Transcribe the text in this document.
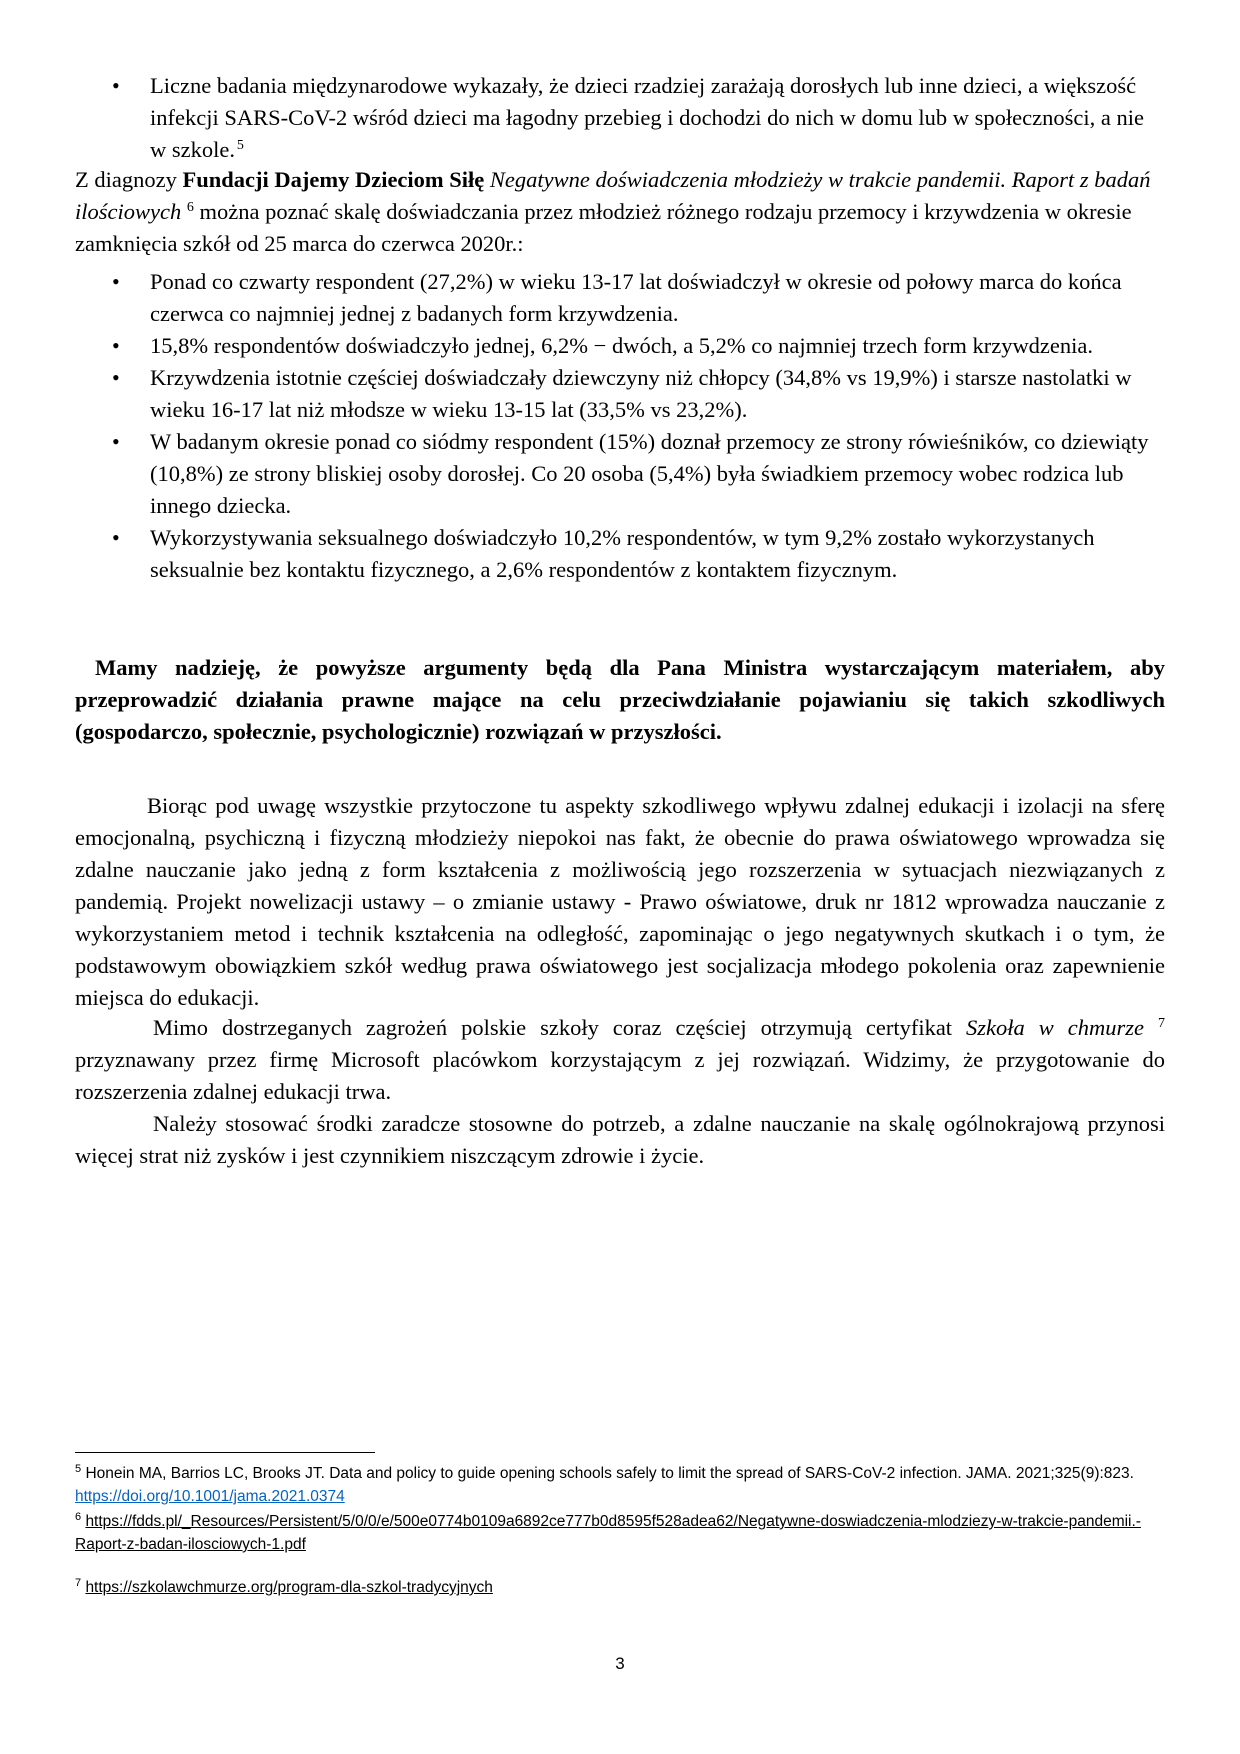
• Liczne badania międzynarodowe wykazały, że dzieci rzadziej zarażają dorosłych lub inne dzieci, a większość infekcji SARS-CoV-2 wśród dzieci ma łagodny przebieg i dochodzi do nich w domu lub w społeczności, a nie w szkole.  $^5$

Z diagnozy Fundacji Dajemy Dzieciom Siłę Negatywne doświadczenia młodzieży w trakcie pandemii. Raport z badań ilościowych $^6$ można poznać skalę doświadczania przez młodzież różnego rodzaju przemocy i krzywdzenia w okresie zamknięcia szkół od 25 marca do czerwca 2020r.:

• Ponad co czwarty respondent (27,2%) w wieku 13-17 lat doświadczył w okresie od połowy marca do końca czerwca co najmniej jednej z badanych form krzywdzenia.
• 15,8% respondentów doświadczyło jednej, 6,2% − dwóch, a 5,2% co najmniej trzech form krzywdzenia.
• Krzywdzenia istotnie częściej doświadczały dziewczyny niż chłopcy (34,8% vs 19,9%) i starsze nastolatki w wieku 16-17 lat niż młodsze w wieku 13-15 lat (33,5% vs 23,2%).
• W badanym okresie ponad co siódmy respondent (15%) doznał przemocy ze strony rówieśników, co dziewiąty (10,8%) ze strony bliskiej osoby dorosłej. Co 20 osoba (5,4%) była świadkiem przemocy wobec rodzica lub innego dziecka.
• Wykorzystywania seksualnego doświadczyło 10,2% respondentów, w tym 9,2% zostało wykorzystanych seksualnie bez kontaktu fizycznego, a 2,6% respondentów z kontaktem fizycznym.

Mamy nadzieję, że powyższe argumenty będą dla Pana Ministra wystarczającym materiałem, aby przeprowadzić działania prawne mające na celu przeciwdziałanie pojawianiu się takich szkodliwych (gospodarczo, społecznie, psychologicznie) rozwiązań w przyszłości.

Biorąc pod uwagę wszystkie przytoczone tu aspekty szkodliwego wpływu zdalnej edukacji i izolacji na sferę emocjonalną, psychiczną i fizyczną młodzieży niepokoi nas fakt, że obecnie do prawa oświatowego wprowadza się zdalne nauczanie jako jedną z form kształcenia z możliwością jego rozszerzenia w sytuacjach niezwiązanych z pandemią. Projekt nowelizacji ustawy – o zmianie ustawy - Prawo oświatowe, druk nr 1812 wprowadza nauczanie z wykorzystaniem metod i technik kształcenia na odległość, zapominając o jego negatywnych skutkach i o tym, że podstawowym obowiązkiem szkół według prawa oświatowego jest socjalizacja młodego pokolenia oraz zapewnienie miejsca do edukacji.

Mimo dostrzeganych zagrożeń polskie szkoły coraz częściej otrzymują certyfikat Szkoła w chmurze $^7$ przyznawany przez firmę Microsoft placówkom korzystającym z jej rozwiązań. Widzimy, że przygotowanie do rozszerzenia zdalnej edukacji trwa.

Należy stosować środki zaradcze stosowne do potrzeb, a zdalne nauczanie na skalę ogólnokrajową przynosi więcej strat niż zysków i jest czynnikiem niszczącym zdrowie i życie.

$^5$ Honein MA, Barrios LC, Brooks JT. Data and policy to guide opening schools safely to limit the spread of SARS-CoV-2 infection. JAMA. 2021;325(9):823. https://doi.org/10.1001/jama.2021.0374

$^6$ https://fdds.pl/_Resources/Persistent/5/0/0/e/500e0774b0109a6892ce777b0d8595f528adea62/Negatywne-doswiadczenia-mlodziezy-w-trakcie-pandemii.-Raport-z-badan-ilosciowych-1.pdf

$^7$ https://szkolawchmurze.org/program-dla-szkol-tradycyjnych

3
